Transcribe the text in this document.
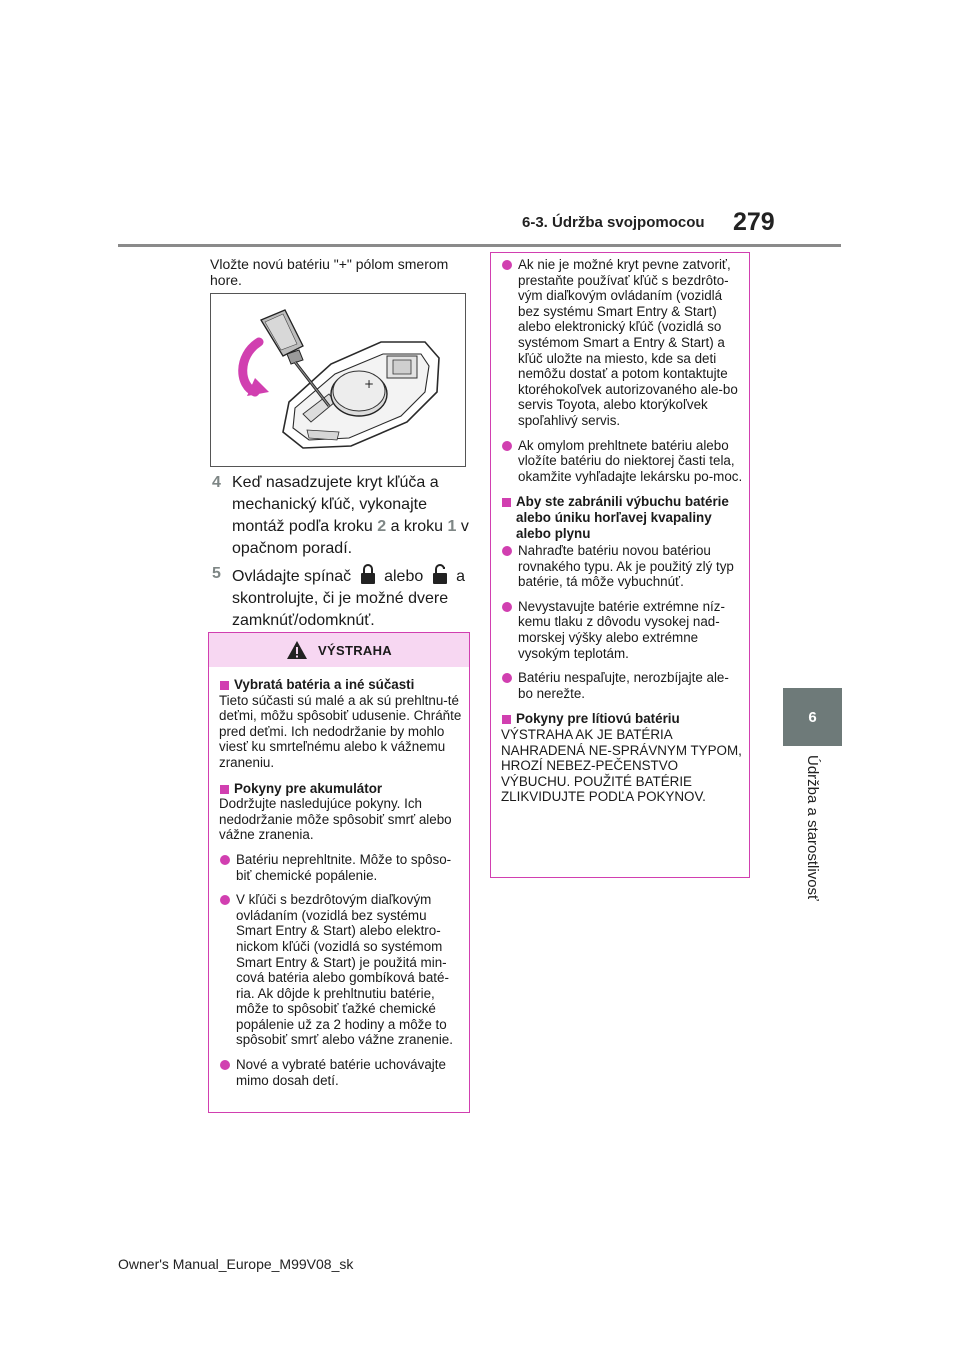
6-3. Údržba svojpomocou 279
6
Údržba a starostlivosť
Vložte novú batériu "+" pólom smerom hore.
+
4 Keď nasadzujete kryt kľúča a mechanický kľúč, vykonajte montáž podľa kroku 2 a kroku 1 v opačnom poradí.
5 Ovládajte spínač alebo a skontrolujte, či je možné dvere zamknúť/odomknúť.
VÝSTRAHA
Vybratá batéria a iné súčasti
Tieto súčasti sú malé a ak sú prehltnu-té deťmi, môžu spôsobiť udusenie. Chráňte pred deťmi. Ich nedodržanie by mohlo viesť ku smrteľnému alebo k vážnemu zraneniu.
Pokyny pre akumulátor
Dodržujte nasledujúce pokyny. Ich nedodržanie môže spôsobiť smrť alebo vážne zranenia.
Batériu neprehltnite. Môže to spôso-biť chemické popálenie.
V kľúči s bezdrôtovým diaľkovým ovládaním (vozidlá bez systému Smart Entry & Start) alebo elektro-nickom kľúči (vozidlá so systémom Smart Entry & Start) je použitá min-cová batéria alebo gombíková baté-ria. Ak dôjde k prehltnutiu batérie, môže to spôsobiť ťažké chemické popálenie už za 2 hodiny a môže to spôsobiť smrť alebo vážne zranenie.
Nové a vybraté batérie uchovávajte mimo dosah detí.
Ak nie je možné kryt pevne zatvoriť, prestaňte používať kľúč s bezdrôto-vým diaľkovým ovládaním (vozidlá bez systému Smart Entry & Start) alebo elektronický kľúč (vozidlá so systémom Smart a Entry & Start) a kľúč uložte na miesto, kde sa deti nemôžu dostať a potom kontaktujte ktoréhokoľvek autorizovaného ale-bo servis Toyota, alebo ktorýkoľvek spoľahlivý servis.
Ak omylom prehltnete batériu alebo vložíte batériu do niektorej časti tela, okamžite vyhľadajte lekársku po-moc.
Aby ste zabránili výbuchu batérie alebo úniku horľavej kvapaliny alebo plynu
Nahraďte batériu novou batériou rovnakého typu. Ak je použitý zlý typ batérie, tá môže vybuchnúť.
Nevystavujte batérie extrémne níz-kemu tlaku z dôvodu vysokej nad-morskej výšky alebo extrémne vysokým teplotám.
Batériu nespaľujte, nerozbíjajte ale-bo nerežte.
Pokyny pre lítiovú batériu
VÝSTRAHA AK JE BATÉRIA NAHRADENÁ NE-SPRÁVNYM TYPOM, HROZÍ NEBEZ-PEČENSTVO VÝBUCHU. POUŽITÉ BATÉRIE ZLIKVIDUJTE PODĽA POKYNOV.
Owner's Manual_Europe_M99V08_sk
